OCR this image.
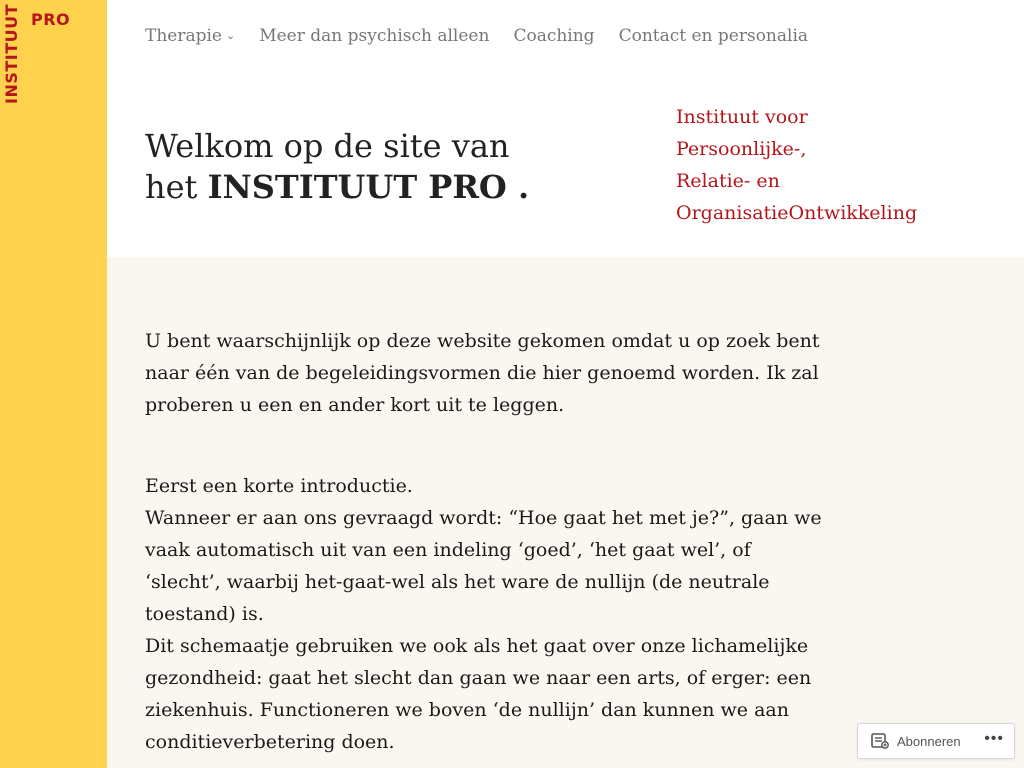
PRO
INSTITUUT	Therapie ⌄ Meer dan psychisch alleen Coaching Contact en personalia
Welkom op de site van
het INSTITUUT PRO .
Instituut voor
Persoonlijke-,
Relatie- en
OrganisatieOntwikkeling

U bent waarschijnlijk op deze website gekomen omdat u op zoek bent naar één van de begeleidingsvormen die hier genoemd worden. Ik zal proberen u een en ander kort uit te leggen.

Eerst een korte introductie.

Wanneer er aan ons gevraagd wordt: “Hoe gaat het met je?”, gaan we vaak automatisch uit van een indeling ‘goed’, ‘het gaat wel’, of ‘slecht’, waarbij het-gaat-wel als het ware de nullijn (de neutrale toestand) is.

Dit schemaatje gebruiken we ook als het gaat over onze lichamelijke gezondheid: gaat het slecht dan gaan we naar een arts, of erger: een ziekenhuis. Functioneren we boven ‘de nullijn’ dan kunnen we aan conditieverbetering doen.	Abonneren •••
